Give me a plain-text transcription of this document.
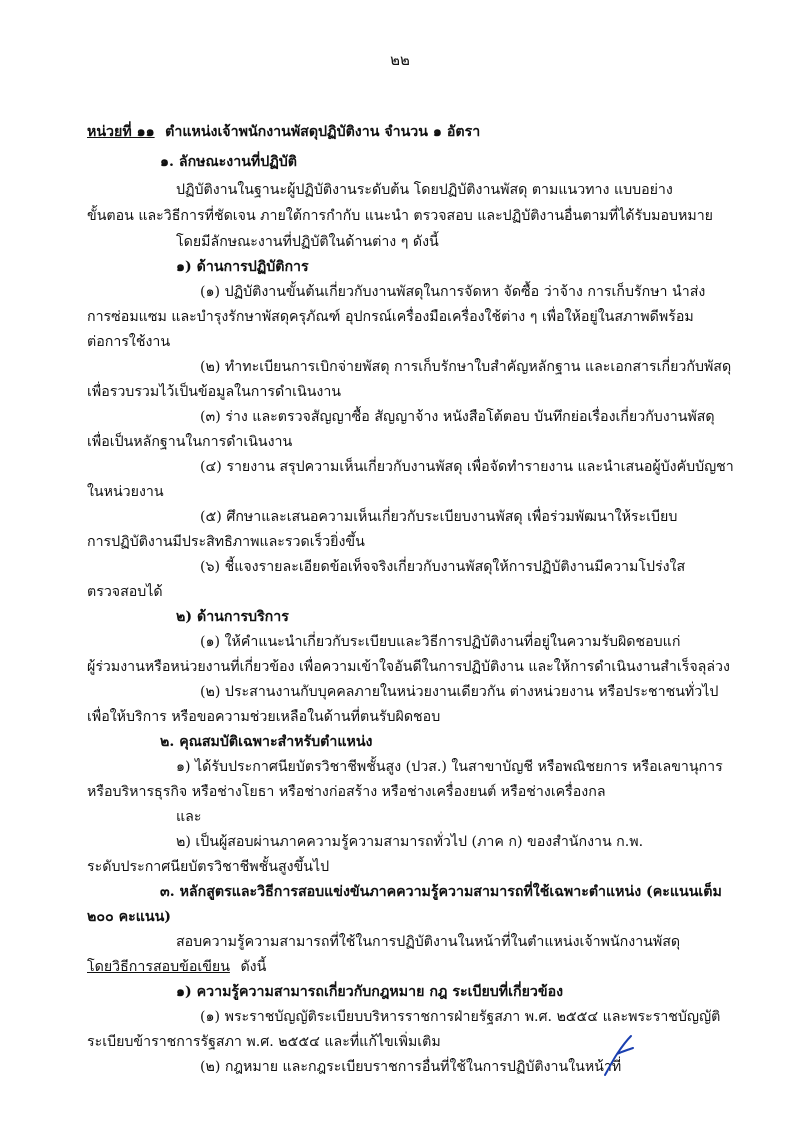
๒๒
หน่วยที่ ๑๑ ตำแหน่งเจ้าพนักงานพัสดุปฏิบัติงาน จำนวน ๑ อัตรา
๑. ลักษณะงานที่ปฏิบัติ
ปฏิบัติงานในฐานะผู้ปฏิบัติงานระดับต้น โดยปฏิบัติงานพัสดุ ตามแนวทาง แบบอย่าง
ขั้นตอน และวิธีการที่ชัดเจน ภายใต้การกำกับ แนะนำ ตรวจสอบ และปฏิบัติงานอื่นตามที่ได้รับมอบหมาย
โดยมีลักษณะงานที่ปฏิบัติในด้านต่าง ๆ ดังนี้
๑) ด้านการปฏิบัติการ
(๑) ปฏิบัติงานขั้นต้นเกี่ยวกับงานพัสดุในการจัดหา จัดซื้อ ว่าจ้าง การเก็บรักษา นำส่ง
การซ่อมแซม และบำรุงรักษาพัสดุครุภัณฑ์ อุปกรณ์เครื่องมือเครื่องใช้ต่าง ๆ เพื่อให้อยู่ในสภาพดีพร้อม
ต่อการใช้งาน
(๒) ทำทะเบียนการเบิกจ่ายพัสดุ การเก็บรักษาใบสำคัญหลักฐาน และเอกสารเกี่ยวกับพัสดุ
เพื่อรวบรวมไว้เป็นข้อมูลในการดำเนินงาน
(๓) ร่าง และตรวจสัญญาซื้อ สัญญาจ้าง หนังสือโต้ตอบ บันทึกย่อเรื่องเกี่ยวกับงานพัสดุ
เพื่อเป็นหลักฐานในการดำเนินงาน
(๔) รายงาน สรุปความเห็นเกี่ยวกับงานพัสดุ เพื่อจัดทำรายงาน และนำเสนอผู้บังคับบัญชา
ในหน่วยงาน
(๕) ศึกษาและเสนอความเห็นเกี่ยวกับระเบียบงานพัสดุ เพื่อร่วมพัฒนาให้ระเบียบ
การปฏิบัติงานมีประสิทธิภาพและรวดเร็วยิ่งขึ้น
(๖) ชี้แจงรายละเอียดข้อเท็จจริงเกี่ยวกับงานพัสดุให้การปฏิบัติงานมีความโปร่งใส
ตรวจสอบได้
๒) ด้านการบริการ
(๑) ให้คำแนะนำเกี่ยวกับระเบียบและวิธีการปฏิบัติงานที่อยู่ในความรับผิดชอบแก่
ผู้ร่วมงานหรือหน่วยงานที่เกี่ยวข้อง เพื่อความเข้าใจอันดีในการปฏิบัติงาน และให้การดำเนินงานสำเร็จลุล่วง
(๒) ประสานงานกับบุคคลภายในหน่วยงานเดียวกัน ต่างหน่วยงาน หรือประชาชนทั่วไป
เพื่อให้บริการ หรือขอความช่วยเหลือในด้านที่ตนรับผิดชอบ
๒. คุณสมบัติเฉพาะสำหรับตำแหน่ง
๑) ได้รับประกาศนียบัตรวิชาชีพชั้นสูง (ปวส.) ในสาขาบัญชี หรือพณิชยการ หรือเลขานุการ
หรือบริหารธุรกิจ หรือช่างโยธา หรือช่างก่อสร้าง หรือช่างเครื่องยนต์ หรือช่างเครื่องกล
และ
๒) เป็นผู้สอบผ่านภาคความรู้ความสามารถทั่วไป (ภาค ก) ของสำนักงาน ก.พ.
ระดับประกาศนียบัตรวิชาชีพชั้นสูงขึ้นไป
๓. หลักสูตรและวิธีการสอบแข่งขันภาคความรู้ความสามารถที่ใช้เฉพาะตำแหน่ง (คะแนนเต็ม
๒๐๐ คะแนน)
สอบความรู้ความสามารถที่ใช้ในการปฏิบัติงานในหน้าที่ในตำแหน่งเจ้าพนักงานพัสดุ
โดยวิธีการสอบข้อเขียน ดังนี้
๑) ความรู้ความสามารถเกี่ยวกับกฎหมาย กฎ ระเบียบที่เกี่ยวข้อง
(๑) พระราชบัญญัติระเบียบบริหารราชการฝ่ายรัฐสภา พ.ศ. ๒๕๕๔ และพระราชบัญญัติ
ระเบียบข้าราชการรัฐสภา พ.ศ. ๒๕๕๔ และที่แก้ไขเพิ่มเติม
(๒) กฎหมาย และกฎระเบียบราชการอื่นที่ใช้ในการปฏิบัติงานในหน้าที่
